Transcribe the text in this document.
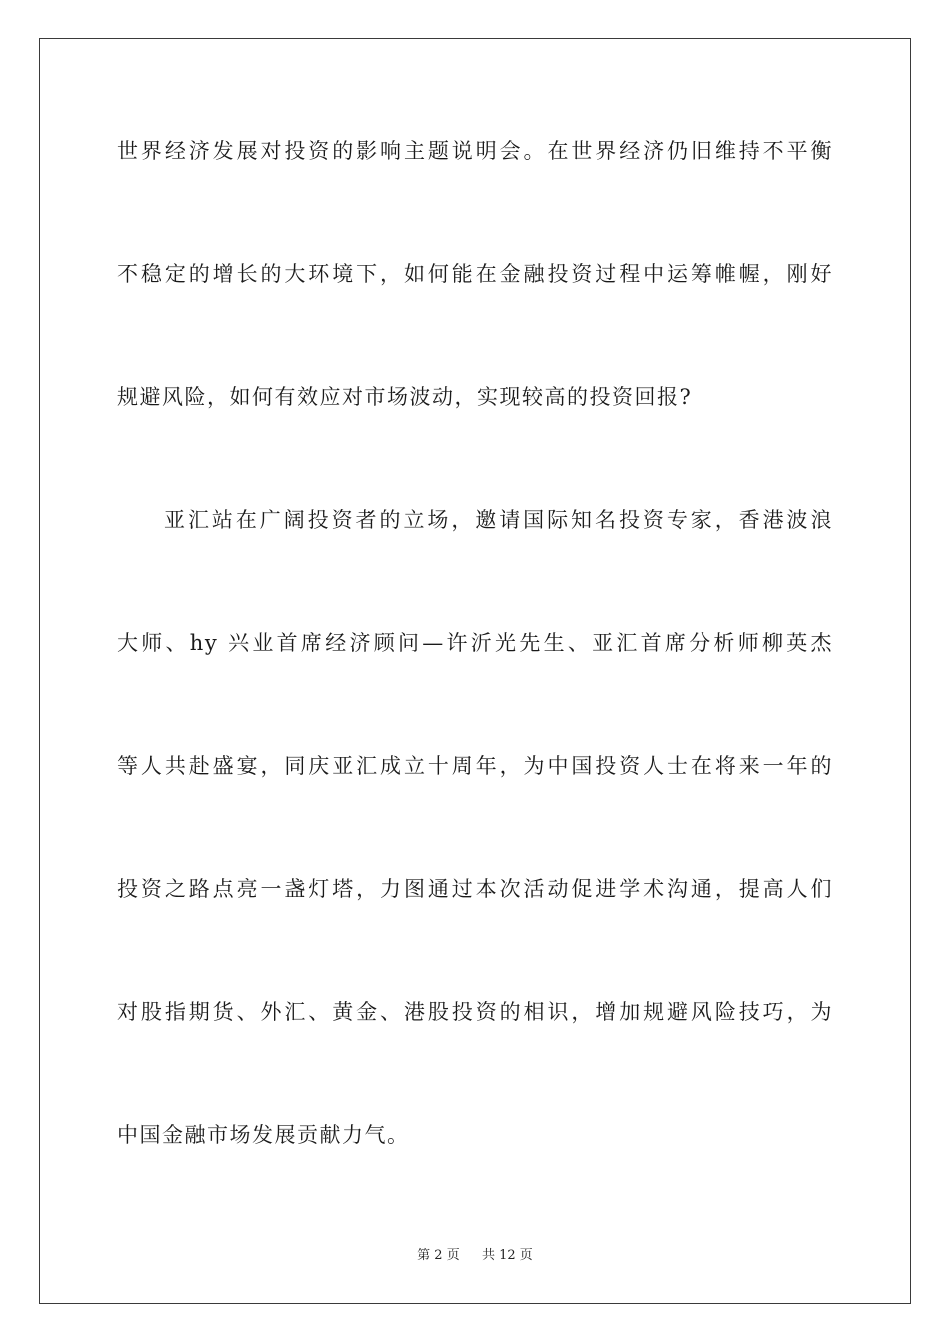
世界经济发展对投资的影响主题说明会。在世界经济仍旧维持不平衡
不稳定的增长的大环境下，如何能在金融投资过程中运筹帷幄，刚好
规避风险，如何有效应对市场波动，实现较高的投资回报?
亚汇站在广阔投资者的立场，邀请国际知名投资专家，香港波浪
大师、hy 兴业首席经济顾问—许沂光先生、亚汇首席分析师柳英杰
等人共赴盛宴，同庆亚汇成立十周年，为中国投资人士在将来一年的
投资之路点亮一盏灯塔，力图通过本次活动促进学术沟通，提高人们
对股指期货、外汇、黄金、港股投资的相识，增加规避风险技巧，为
中国金融市场发展贡献力气。
第 2 页 共 12 页
